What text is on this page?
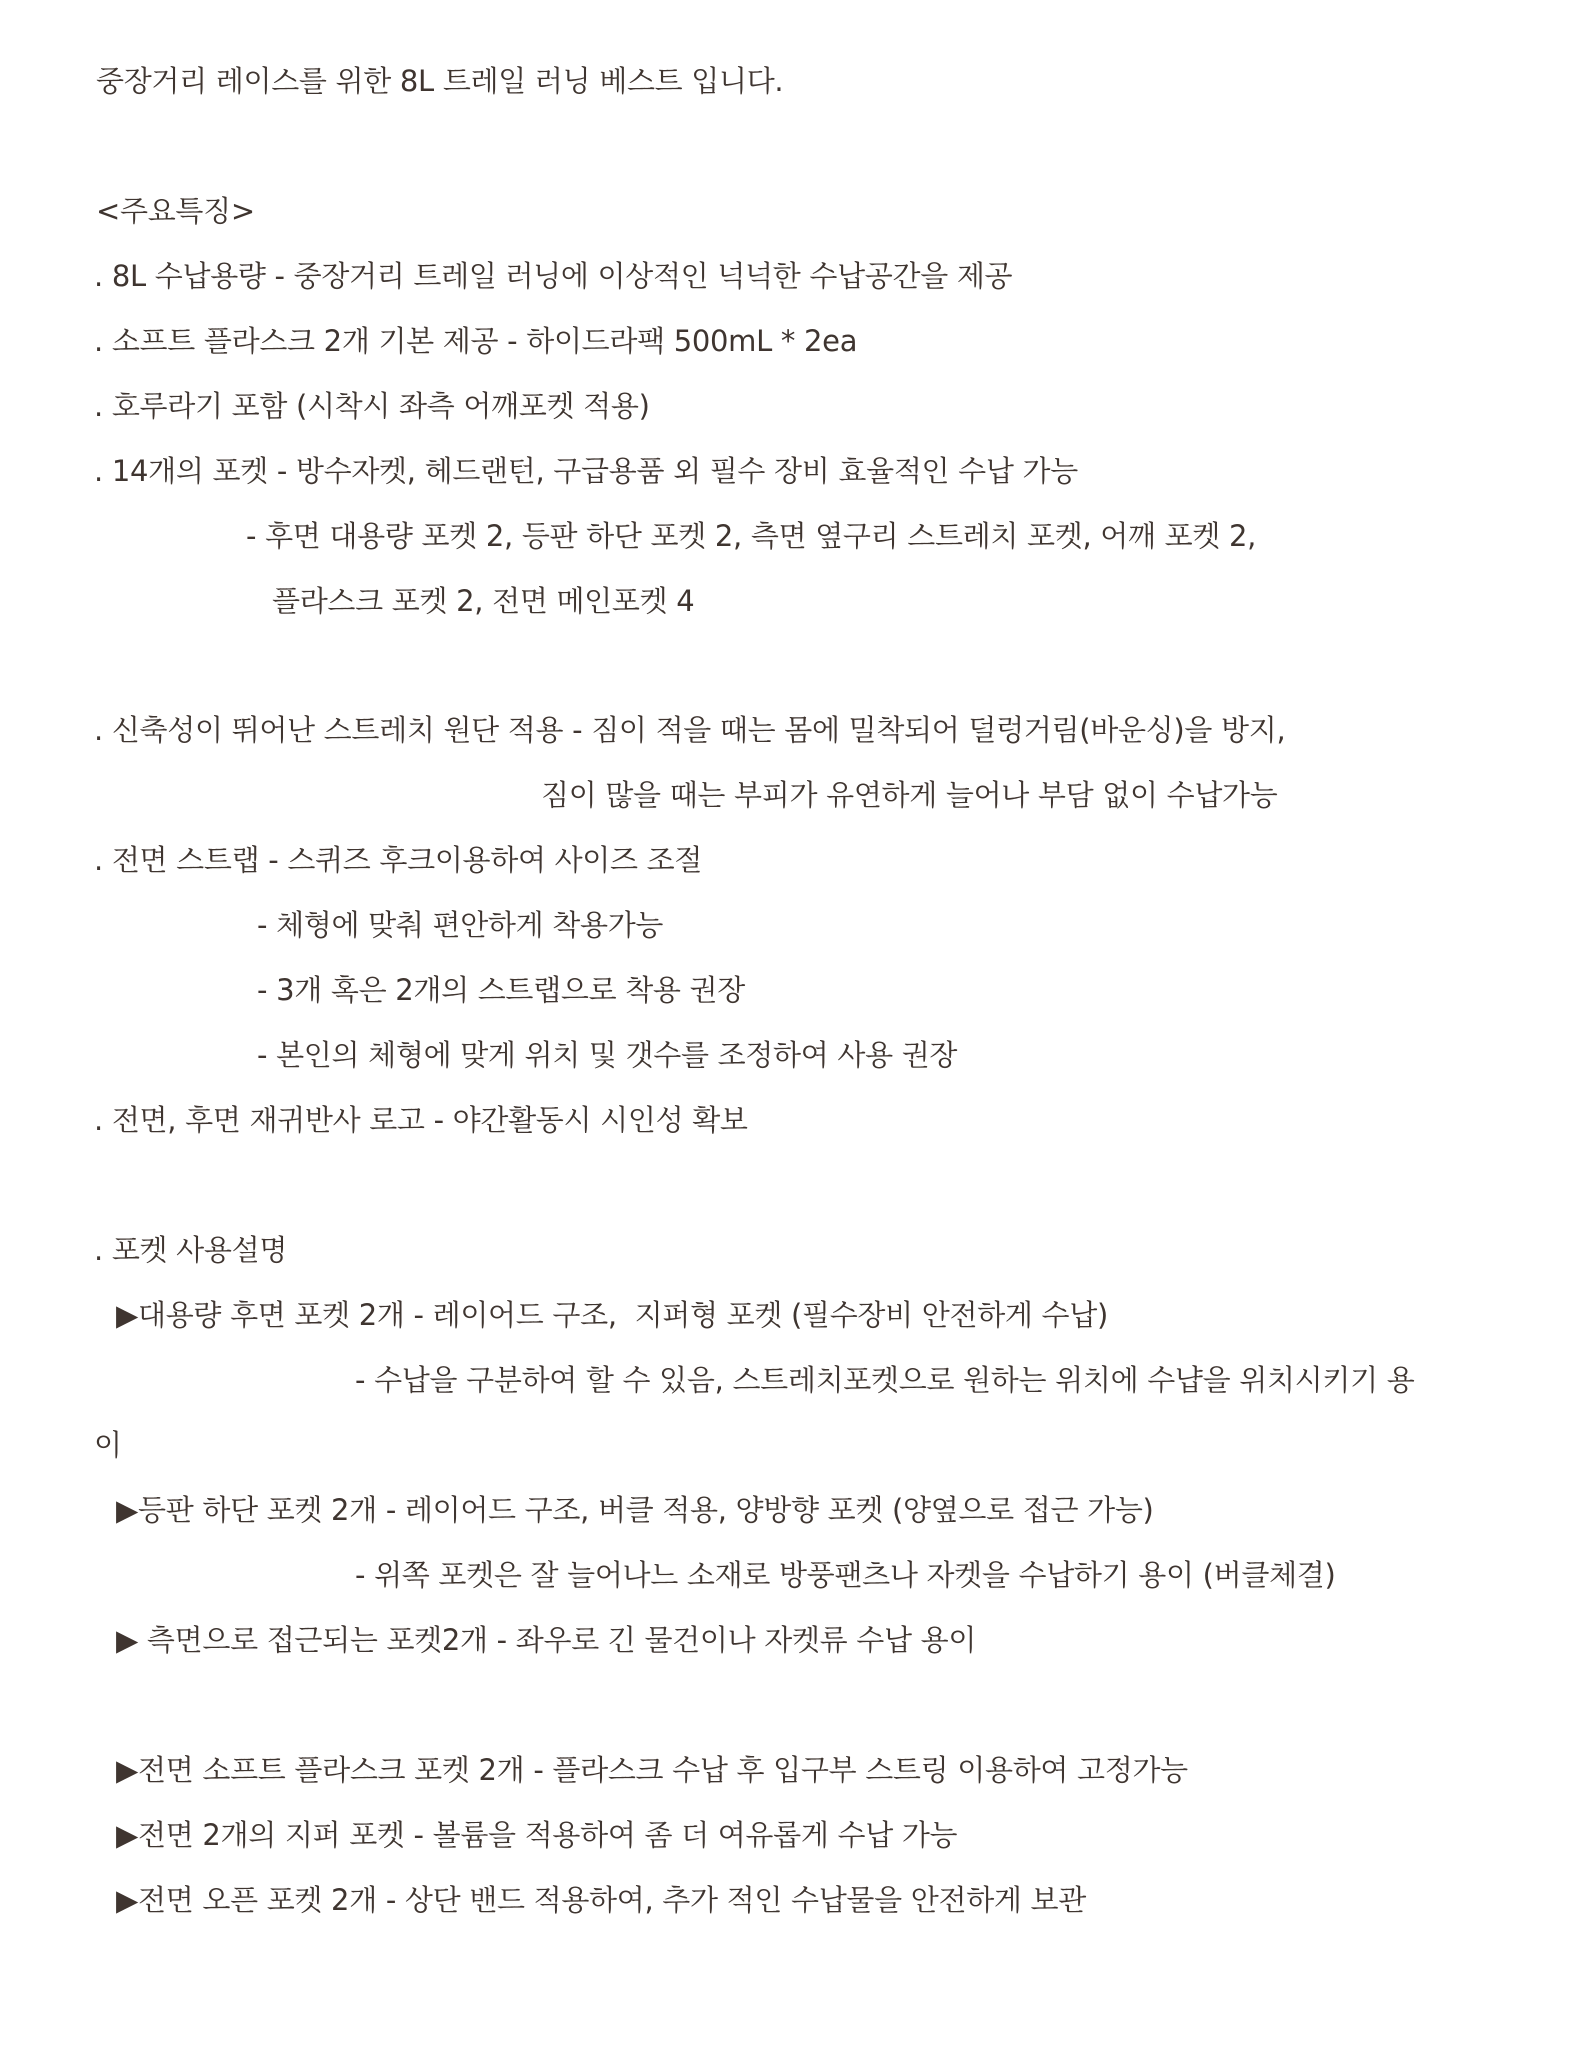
중장거리 레이스를 위한 8L 트레일 러닝 베스트 입니다.
<주요특징>
. 8L 수납용량 - 중장거리 트레일 러닝에 이상적인 넉넉한 수납공간을 제공
. 소프트 플라스크 2개 기본 제공 - 하이드라팩 500mL * 2ea
. 호루라기 포함 (시착시 좌측 어깨포켓 적용)
. 14개의 포켓 - 방수자켓, 헤드랜턴, 구급용품 외 필수 장비 효율적인 수납 가능
- 후면 대용량 포켓 2, 등판 하단 포켓 2, 측면 옆구리 스트레치 포켓, 어깨 포켓 2,
플라스크 포켓 2, 전면 메인포켓 4
. 신축성이 뛰어난 스트레치 원단 적용 - 짐이 적을 때는 몸에 밀착되어 덜렁거림(바운싱)을 방지,
짐이 많을 때는 부피가 유연하게 늘어나 부담 없이 수납가능
. 전면 스트랩 - 스퀴즈 후크이용하여 사이즈 조절
- 체형에 맞춰 편안하게 착용가능
- 3개 혹은 2개의 스트랩으로 착용 권장
- 본인의 체형에 맞게 위치 및 갯수를 조정하여 사용 권장
. 전면, 후면 재귀반사 로고 - 야간활동시 시인성 확보
. 포켓 사용설명
▶대용량 후면 포켓 2개 - 레이어드 구조,  지퍼형 포켓 (필수장비 안전하게 수납)
- 수납을 구분하여 할 수 있음, 스트레치포켓으로 원하는 위치에 수냡을 위치시키기 용
이
▶등판 하단 포켓 2개 - 레이어드 구조, 버클 적용, 양방향 포켓 (양옆으로 접근 가능)
- 위쪽 포켓은 잘 늘어나느 소재로 방풍팬츠나 자켓을 수납하기 용이 (버클체결)
▶ 측면으로 접근되는 포켓2개 - 좌우로 긴 물건이나 자켓류 수납 용이
▶전면 소프트 플라스크 포켓 2개 - 플라스크 수납 후 입구부 스트링 이용하여 고정가능
▶전면 2개의 지퍼 포켓 - 볼륨을 적용하여 좀 더 여유롭게 수납 가능
▶전면 오픈 포켓 2개 - 상단 밴드 적용하여, 추가 적인 수납물을 안전하게 보관
